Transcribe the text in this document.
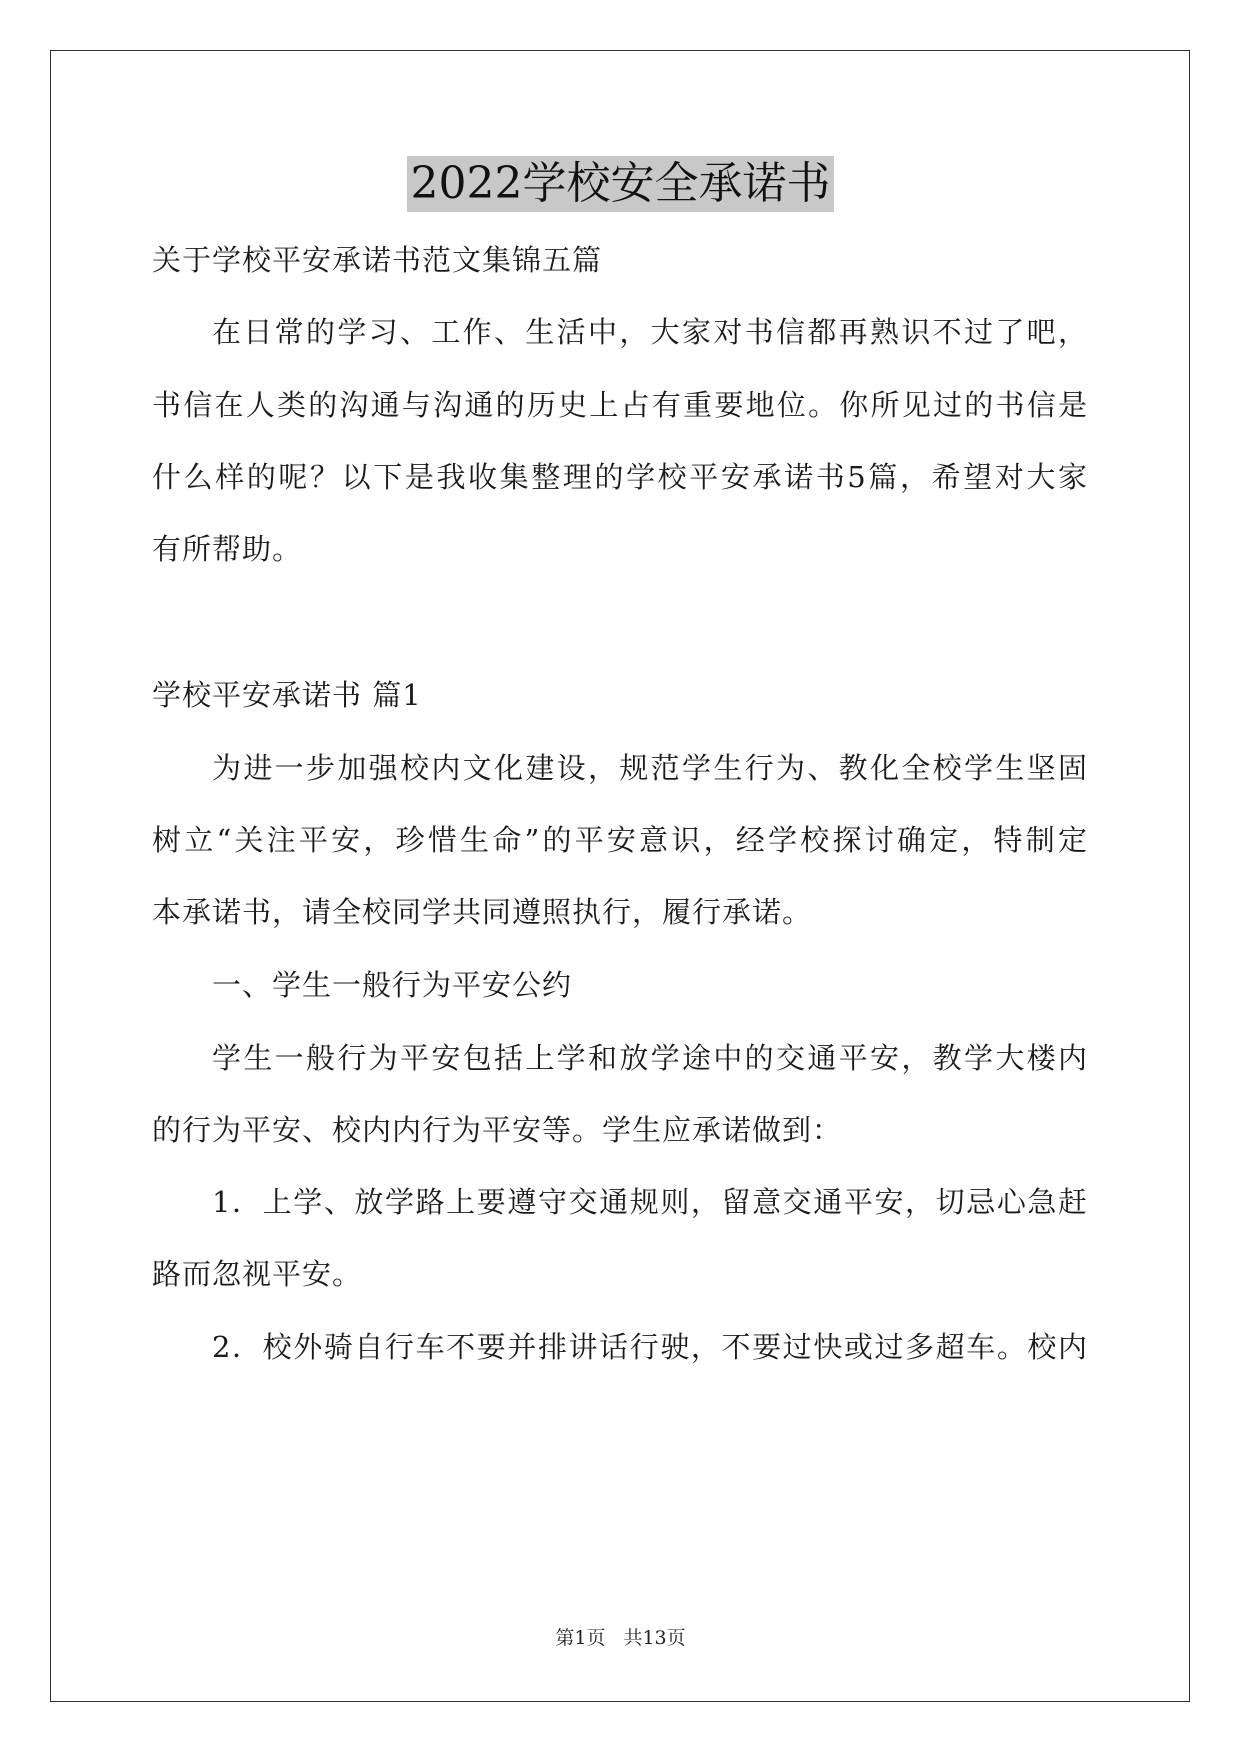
2022学校安全承诺书
关于学校平安承诺书范文集锦五篇
在日常的学习、工作、生活中，大家对书信都再熟识不过了吧，
书信在人类的沟通与沟通的历史上占有重要地位。你所见过的书信是
什么样的呢？以下是我收集整理的学校平安承诺书5篇，希望对大家
有所帮助。
学校平安承诺书 篇1
为进一步加强校内文化建设，规范学生行为、教化全校学生坚固
树立“关注平安，珍惜生命”的平安意识，经学校探讨确定，特制定
本承诺书，请全校同学共同遵照执行，履行承诺。
一、学生一般行为平安公约
学生一般行为平安包括上学和放学途中的交通平安，教学大楼内
的行为平安、校内内行为平安等。学生应承诺做到：
1．上学、放学路上要遵守交通规则，留意交通平安，切忌心急赶
路而忽视平安。
2．校外骑自行车不要并排讲话行驶，不要过快或过多超车。校内
第1页 共13页
